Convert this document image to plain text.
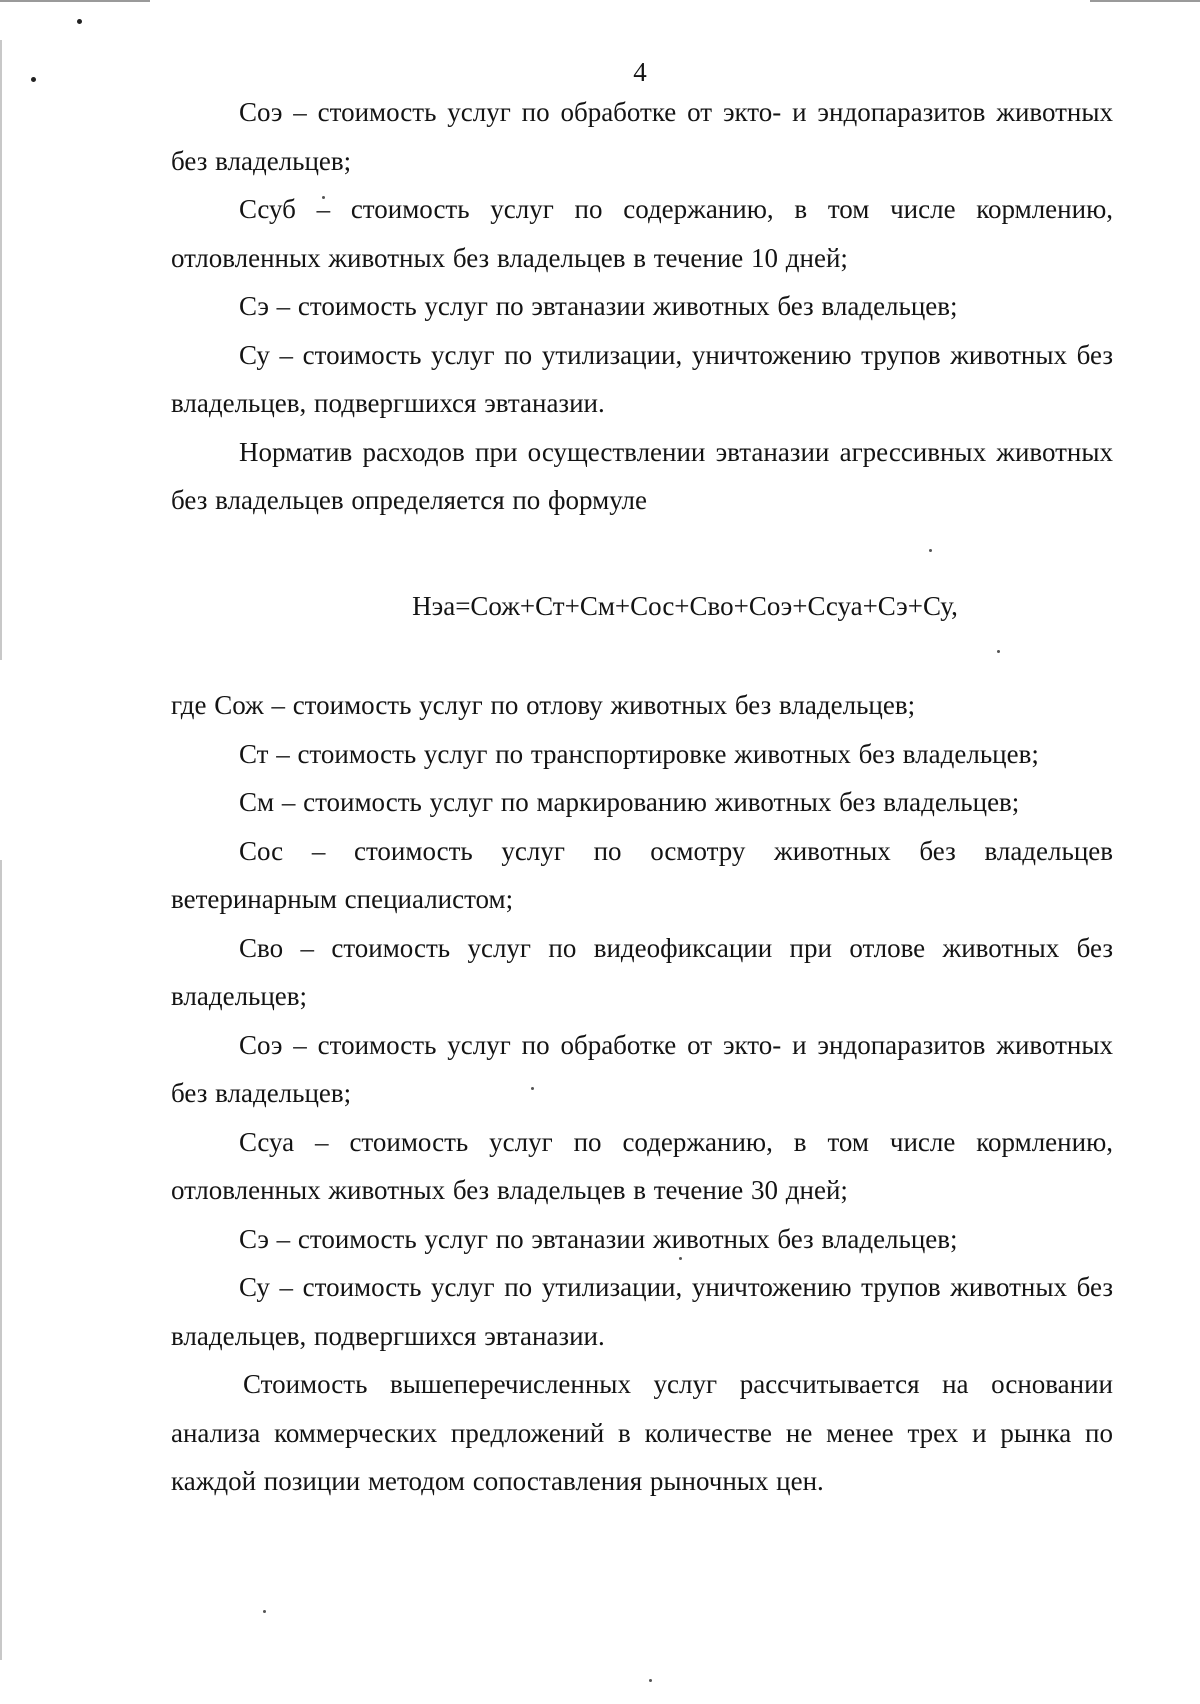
4

Соэ – стоимость услуг по обработке от экто- и эндопаразитов животных без владельцев;

Ссуб – стоимость услуг по содержанию, в том числе кормлению, отловленных животных без владельцев в течение 10 дней;

Сэ – стоимость услуг по эвтаназии животных без владельцев;

Су – стоимость услуг по утилизации, уничтожению трупов животных без владельцев, подвергшихся эвтаназии.

Норматив расходов при осуществлении эвтаназии агрессивных животных без владельцев определяется по формуле

Нэа=Сож+Ст+См+Сос+Сво+Соэ+Ссуа+Сэ+Су,

где Сож – стоимость услуг по отлову животных без владельцев;

Ст – стоимость услуг по транспортировке животных без владельцев;

См – стоимость услуг по маркированию животных без владельцев;

Сос – стоимость услуг по осмотру животных без владельцев ветеринарным специалистом;

Сво – стоимость услуг по видеофиксации при отлове животных без владельцев;

Соэ – стоимость услуг по обработке от экто- и эндопаразитов животных без владельцев;

Ссуа – стоимость услуг по содержанию, в том числе кормлению, отловленных животных без владельцев в течение 30 дней;

Сэ – стоимость услуг по эвтаназии животных без владельцев;

Су – стоимость услуг по утилизации, уничтожению трупов животных без владельцев, подвергшихся эвтаназии.

Стоимость вышеперечисленных услуг рассчитывается на основании анализа коммерческих предложений в количестве не менее трех и рынка по каждой позиции методом сопоставления рыночных цен.
